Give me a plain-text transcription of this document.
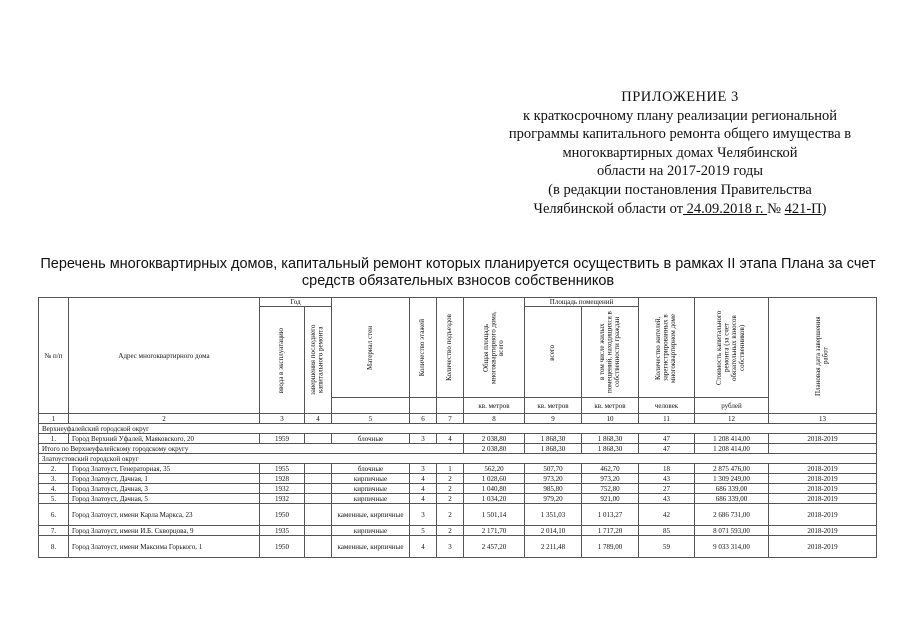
ПРИЛОЖЕНИЕ 3
к краткосрочному плану реализации региональной
программы капитального ремонта общего имущества в
многоквартирных домах Челябинской
области на 2017-2019 годы
(в редакции постановления Правительства
Челябинской области от 24.09.2018 г. № 421-П)
Перечень многоквартирных домов, капитальный ремонт которых планируется осуществить в рамках II этапа Плана за счет
средств обязательных взносов собственников
№ п/п	Адрес многоквартирного дома	Год		Материал стен	Количество этажей	Количество подъездов	Общая площадь многоквартирного дома, всего	Площадь помещений		Количество жителей, зарегистрированных в многоквартирном доме	Стоимость капитального ремонта (за счет обязательных взносов собственников)	Плановая дата завершения работ

		ввода в эксплуатацию	завершения последнего капитального ремонта					всего	в том числе жилых помещений, находящихся в собственности граждан			

							кв. метров	кв. метров	кв. метров	человек	рублей	
1	2	3	4	5	6	7	8	9	10	11	12	13
Верхнеуфалейский городской округ												
1.	Город Верхний Уфалей, Маяковского, 20	1959		блочные	3	4	2 038,80	1 868,30	1 868,30	47	1 208 414,00	2018-2019
Итого по Верхнеуфалейскому городскому округу							2 038,80	1 868,30	1 868,30	47	1 208 414,00	
Златоустовский городской округ												
2.	Город Златоуст, Генераторная, 35	1955		блочные	3	1	562,20	507,70	462,70	18	2 875 476,00	2018-2019
3.	Город Златоуст, Дачная, 1	1928		кирпичные	4	2	1 028,60	973,20	973,20	43	1 309 249,00	2018-2019
4.	Город Златоуст, Дачная, 3	1932		кирпичные	4	2	1 040,80	985,80	752,80	27	686 339,00	2018-2019
5.	Город Златоуст, Дачная, 5	1932		кирпичные	4	2	1 034,20	979,20	921,00	43	686 339,00	2018-2019
6.	Город Златоуст, имени Карла Маркса, 23	1950		каменные, кирпичные	3	2	1 501,14	1 351,03	1 013,27	42	2 686 731,00	2018-2019
7.	Город Златоуст, имени И.Б. Скворцова, 9	1935		кирпичные	5	2	2 171,70	2 014,10	1 717,20	85	8 071 593,00	2018-2019
8.	Город Златоуст, имени Максима Горького, 1	1950		каменные, кирпичные	4	3	2 457,20	2 211,48	1 789,00	59	9 033 314,00	2018-2019
